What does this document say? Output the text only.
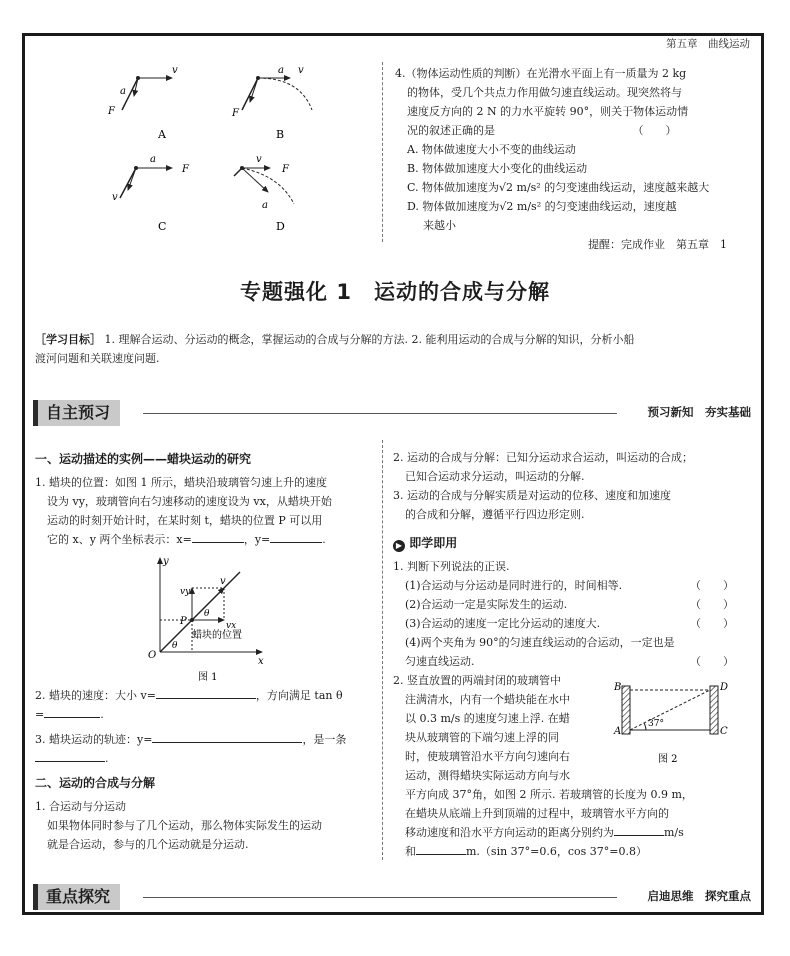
第五章　曲线运动
v
a
F
A
a v
F
B
a
F
v
C
v
F
a
D
4.（物体运动性质的判断）在光滑水平面上有一质量为 2 kg
的物体，受几个共点力作用做匀速直线运动。现突然将与
速度反方向的 2 N 的力水平旋转 90°，则关于物体运动情
况的叙述正确的是　　　　　　　　　　　　　（　　）
A. 物体做速度大小不变的曲线运动
B. 物体做加速度大小变化的曲线运动
C. 物体做加速度为√2 m/s² 的匀变速曲线运动，速度越来越大
D. 物体做加速度为√2 m/s² 的匀变速曲线运动，速度越
来越小
提醒：完成作业　第五章　1
专题强化 1　运动的合成与分解
［学习目标］ 1. 理解合运动、分运动的概念，掌握运动的合成与分解的方法. 2. 能利用运动的合成与分解的知识，分析小船
渡河问题和关联速度问题.
自主预习	预习新知　夯实基础
一、运动描述的实例——蜡块运动的研究
1. 蜡块的位置：如图 1 所示，蜡块沿玻璃管匀速上升的速度
设为 vy，玻璃管向右匀速移动的速度设为 vx，从蜡块开始
运动的时刻开始计时，在某时刻 t，蜡块的位置 P 可以用
它的 x、y 两个坐标表示：x=	，y=	.
y
x
O
P
θ
θ
v
vy
vx
蜡块的位置
图 1
2. 蜡块的速度：大小 v=	，方向满足 tan θ
=	.
3. 蜡块运动的轨迹：y=	，是一条
.
二、运动的合成与分解
1. 合运动与分运动
如果物体同时参与了几个运动，那么物体实际发生的运动
就是合运动，参与的几个运动就是分运动.
2. 运动的合成与分解：已知分运动求合运动，叫运动的合成；
已知合运动求分运动，叫运动的分解.
3. 运动的合成与分解实质是对运动的位移、速度和加速度
的合成和分解，遵循平行四边形定则.
▶ 即学即用
1. 判断下列说法的正误.
(1)合运动与分运动是同时进行的，时间相等.	（　　）
(2)合运动一定是实际发生的运动.	（　　）
(3)合运动的速度一定比分运动的速度大.	（　　）
(4)两个夹角为 90°的匀速直线运动的合运动，一定也是
匀速直线运动.	（　　）
2. 竖直放置的两端封闭的玻璃管中
注满清水，内有一个蜡块能在水中
以 0.3 m/s 的速度匀速上浮. 在蜡
块从玻璃管的下端匀速上浮的同
时，使玻璃管沿水平方向匀速向右
运动，测得蜡块实际运动方向与水
平方向成 37°角，如图 2 所示. 若玻璃管的长度为 0.9 m，
在蜡块从底端上升到顶端的过程中，玻璃管水平方向的
移动速度和沿水平方向运动的距离分别约为	m/s
和	m.（sin 37°=0.6，cos 37°=0.8）
B
A
D
C
37°
图 2
重点探究	启迪思维　探究重点
